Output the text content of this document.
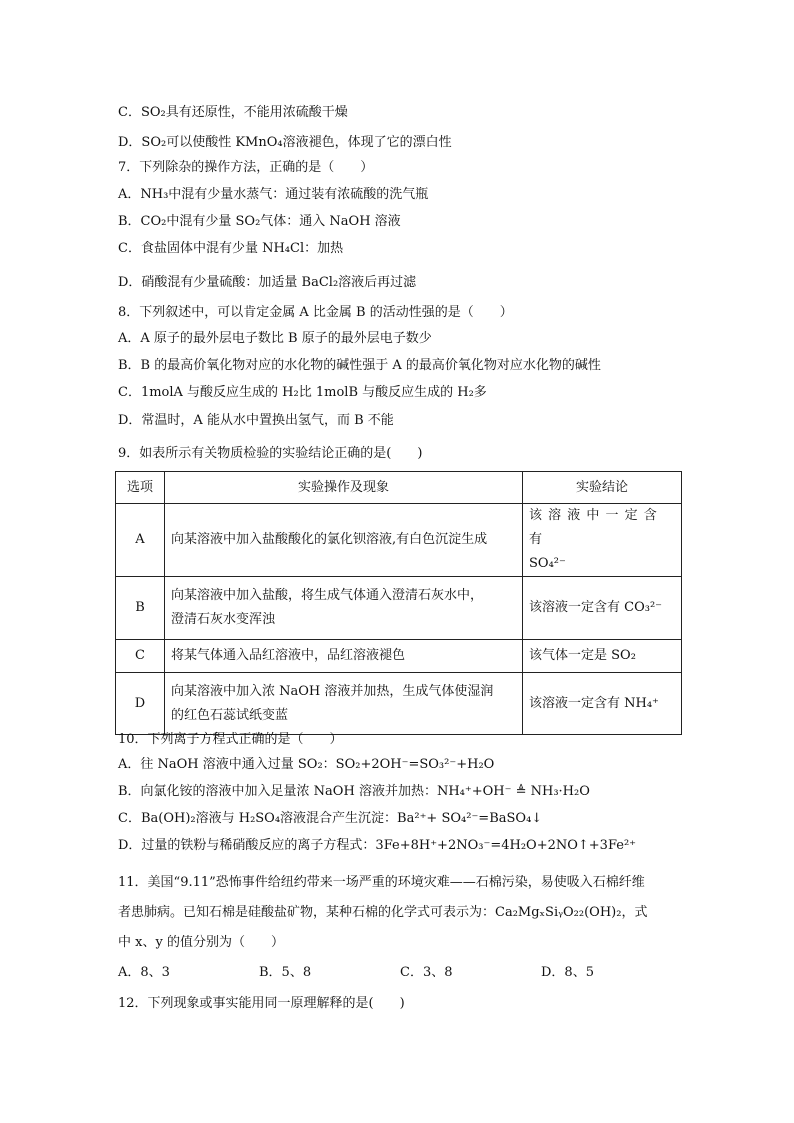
C．SO₂具有还原性，不能用浓硫酸干燥
D．SO₂可以使酸性 KMnO₄溶液褪色，体现了它的漂白性
7．下列除杂的操作方法，正确的是（　　）
A．NH₃中混有少量水蒸气：通过装有浓硫酸的洗气瓶
B．CO₂中混有少量 SO₂气体：通入 NaOH 溶液
C．食盐固体中混有少量 NH₄Cl：加热
D．硝酸混有少量硫酸：加适量 BaCl₂溶液后再过滤
8．下列叙述中，可以肯定金属 A 比金属 B 的活动性强的是（　　）
A．A 原子的最外层电子数比 B 原子的最外层电子数少
B．B 的最高价氧化物对应的水化物的碱性强于 A 的最高价氧化物对应水化物的碱性
C．1molA 与酸反应生成的 H₂比 1molB 与酸反应生成的 H₂多
D．常温时，A 能从水中置换出氢气，而 B 不能
9．如表所示有关物质检验的实验结论正确的是(　　)
选项	实验操作及现象	实验结论
A	向某溶液中加入盐酸酸化的氯化钡溶液,有白色沉淀生成	该 溶 液 中 一 定 含 有
SO₄²⁻

B	向某溶液中加入盐酸，将生成气体通入澄清石灰水中，
澄清石灰水变浑浊	该溶液一定含有 CO₃²⁻
C	将某气体通入品红溶液中，品红溶液褪色	该气体一定是 SO₂
D	向某溶液中加入浓 NaOH 溶液并加热，生成气体使湿润
的红色石蕊试纸变蓝	该溶液一定含有 NH₄⁺
10．下列离子方程式正确的是（　　）
A．往 NaOH 溶液中通入过量 SO₂：SO₂+2OH⁻=SO₃²⁻+H₂O
B．向氯化铵的溶液中加入足量浓 NaOH 溶液并加热：NH₄⁺+OH⁻ ≜ NH₃·H₂O
C．Ba(OH)₂溶液与 H₂SO₄溶液混合产生沉淀：Ba²⁺+ SO₄²⁻=BaSO₄↓
D．过量的铁粉与稀硝酸反应的离子方程式：3Fe+8H⁺+2NO₃⁻=4H₂O+2NO↑+3Fe²⁺
11．美国“9.11”恐怖事件给纽约带来一场严重的环境灾难——石棉污染，易使吸入石棉纤维
者患肺病。已知石棉是硅酸盐矿物，某种石棉的化学式可表示为：Ca₂MgₓSiᵧO₂₂(OH)₂，式
中 x、y 的值分别为（　　）
A．8、3	B．5、8	C．3、8	D．8、5
12．下列现象或事实能用同一原理解释的是(　　)
